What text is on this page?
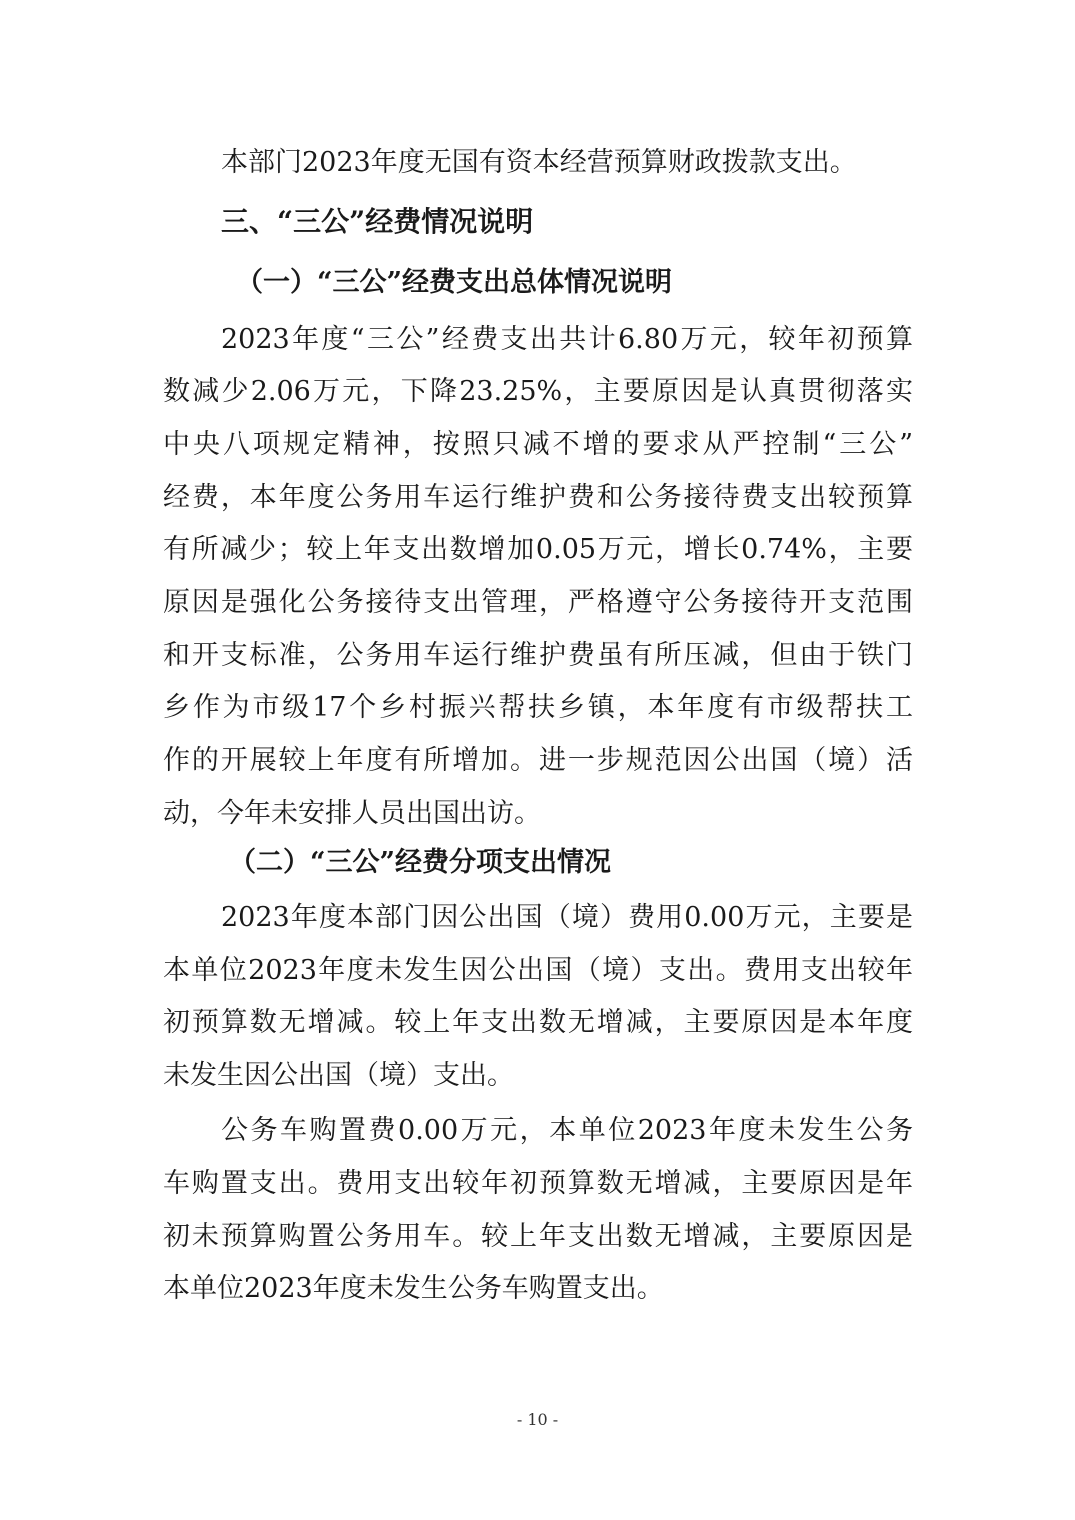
本部门2023年度无国有资本经营预算财政拨款支出。
三、“三公”经费情况说明
（一）“三公”经费支出总体情况说明
2023年度“三公”经费支出共计6.80万元，较年初预算
数减少2.06万元，下降23.25%，主要原因是认真贯彻落实
中央八项规定精神，按照只减不增的要求从严控制“三公”
经费，本年度公务用车运行维护费和公务接待费支出较预算
有所减少；较上年支出数增加0.05万元，增长0.74%，主要
原因是强化公务接待支出管理，严格遵守公务接待开支范围
和开支标准，公务用车运行维护费虽有所压减，但由于铁门
乡作为市级17个乡村振兴帮扶乡镇，本年度有市级帮扶工
作的开展较上年度有所增加。进一步规范因公出国（境）活
动，今年未安排人员出国出访。
（二）“三公”经费分项支出情况
2023年度本部门因公出国（境）费用0.00万元，主要是
本单位2023年度未发生因公出国（境）支出。费用支出较年
初预算数无增减。较上年支出数无增减，主要原因是本年度
未发生因公出国（境）支出。
公务车购置费0.00万元，本单位2023年度未发生公务
车购置支出。费用支出较年初预算数无增减，主要原因是年
初未预算购置公务用车。较上年支出数无增减，主要原因是
本单位2023年度未发生公务车购置支出。
- 10 -
